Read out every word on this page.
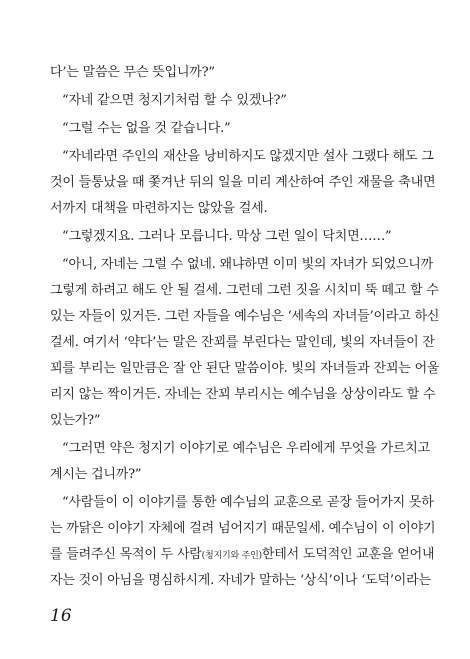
다’는 말씀은 무슨 뜻입니까?”
“자네 같으면 청지기처럼 할 수 있겠나?”
“그럴 수는 없을 것 같습니다.”
“자네라면 주인의 재산을 낭비하지도 않겠지만 설사 그랬다 해도 그
것이 들통났을 때 쫓겨난 뒤의 일을 미리 계산하여 주인 재물을 축내면
서까지 대책을 마련하지는 않았을 걸세.
“그렇겠지요. 그러나 모릅니다. 막상 그런 일이 닥치면……”
“아니, 자네는 그럴 수 없네. 왜냐하면 이미 빛의 자녀가 되었으니까
그렇게 하려고 해도 안 될 걸세. 그런데 그런 짓을 시치미 뚝 떼고 할 수
있는 자들이 있거든. 그런 자들을 예수님은 ‘세속의 자녀들’이라고 하신
걸세. 여기서 ‘약다’는 말은 잔꾀를 부린다는 말인데, 빛의 자녀들이 잔
꾀를 부리는 일만큼은 잘 안 된단 말씀이야. 빛의 자녀들과 잔꾀는 어울
리지 않는 짝이거든. 자네는 잔꾀 부리시는 예수님을 상상이라도 할 수
있는가?”
“그러면 약은 청지기 이야기로 예수님은 우리에게 무엇을 가르치고
계시는 겁니까?”
“사람들이 이 이야기를 통한 예수님의 교훈으로 곧장 들어가지 못하
는 까닭은 이야기 자체에 걸려 넘어지기 때문일세. 예수님이 이 이야기
를 들려주신 목적이 두 사람 (청지기와 주인) 한테서 도덕적인 교훈을 얻어내
자는 것이 아님을 명심하시게. 자네가 말하는 ‘상식’이나 ‘도덕’이라는
16
